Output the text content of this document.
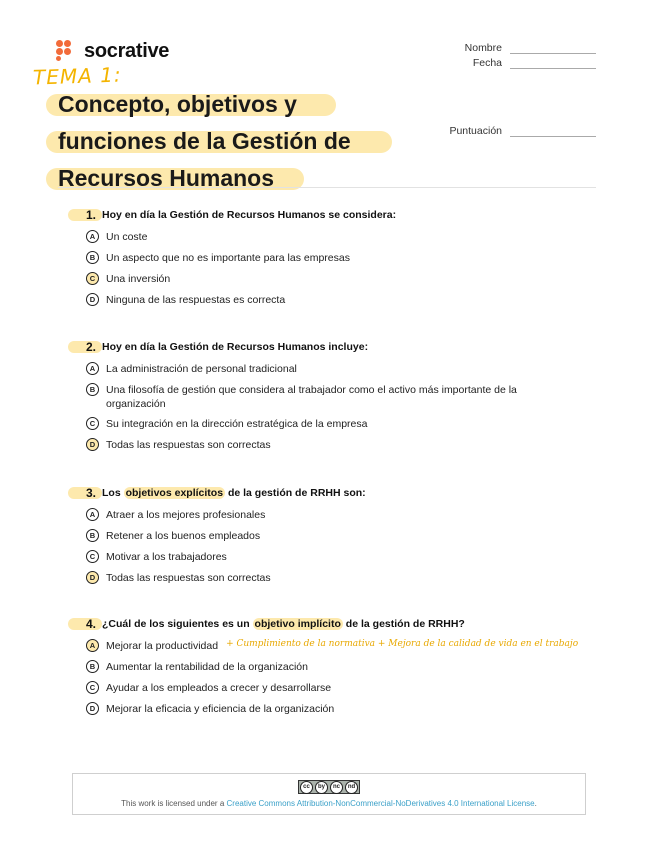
socrative
TEMA 1:
Concepto, objetivos y
funciones de la Gestión de
Recursos Humanos
Nombre
Fecha
Puntuación
1. Hoy en día la Gestión de Recursos Humanos se considera:
A	Un coste
B	Un aspecto que no es importante para las empresas
C	Una inversión
D	Ninguna de las respuestas es correcta
2. Hoy en día la Gestión de Recursos Humanos incluye:
A	La administración de personal tradicional
B	Una filosofía de gestión que considera al trabajador como el activo más importante de la organización
C	Su integración en la dirección estratégica de la empresa
D	Todas las respuestas son correctas
3. Los objetivos explícitos de la gestión de RRHH son:
A	Atraer a los mejores profesionales
B	Retener a los buenos empleados
C	Motivar a los trabajadores
D	Todas las respuestas son correctas
4. ¿Cuál de los siguientes es un objetivo implícito de la gestión de RRHH?
A	Mejorar la productividad + Cumplimiento de la normativa + Mejora de la calidad de vida en el trabajo
B	Aumentar la rentabilidad de la organización
C	Ayudar a los empleados a crecer y desarrollarse
D	Mejorar la eficacia y eficiencia de la organización
cc	by	nc	nd
This work is licensed under a Creative Commons Attribution-NonCommercial-NoDerivatives 4.0 International License.
